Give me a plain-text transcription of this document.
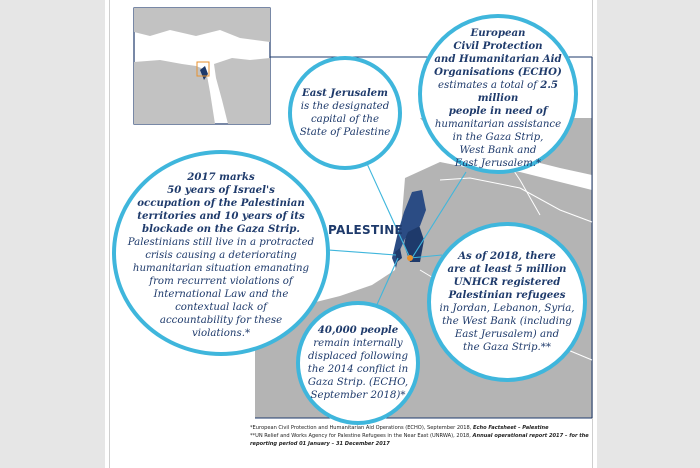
PALESTINE
East Jerusalem
is the designated
capital of the
State of Palestine
European
Civil Protection
and Humanitarian Aid
Organisations (ECHO)
estimates a total of 2.5 million
people in need of
humanitarian assistance
in the Gaza Strip,
West Bank and
East Jerusalem.*
2017 marks
50 years of Israel's
occupation of the Palestinian
territories and 10 years of its
blockade on the Gaza Strip.
Palestinians still live in a protracted
crisis causing a deteriorating
humanitarian situation emanating
from recurrent violations of
International Law and the
contextual lack of
accountability for these
violations.*
As of 2018, there
are at least 5 million
UNHCR registered
Palestinian refugees
in Jordan, Lebanon, Syria,
the West Bank (including
East Jerusalem) and
the Gaza Strip.**
40,000 people
remain internally
displaced following
the 2014 conflict in
Gaza Strip. (ECHO,
September 2018)*
*European Civil Protection and Humanitarian Aid Operations (ECHO), September 2018, Echo Factsheet – Palestine
**UN Relief and Works Agency for Palestine Refugees in the Near East (UNRWA), 2018, Annual operational report 2017 – for the
reporting period 01 January – 31 December 2017
